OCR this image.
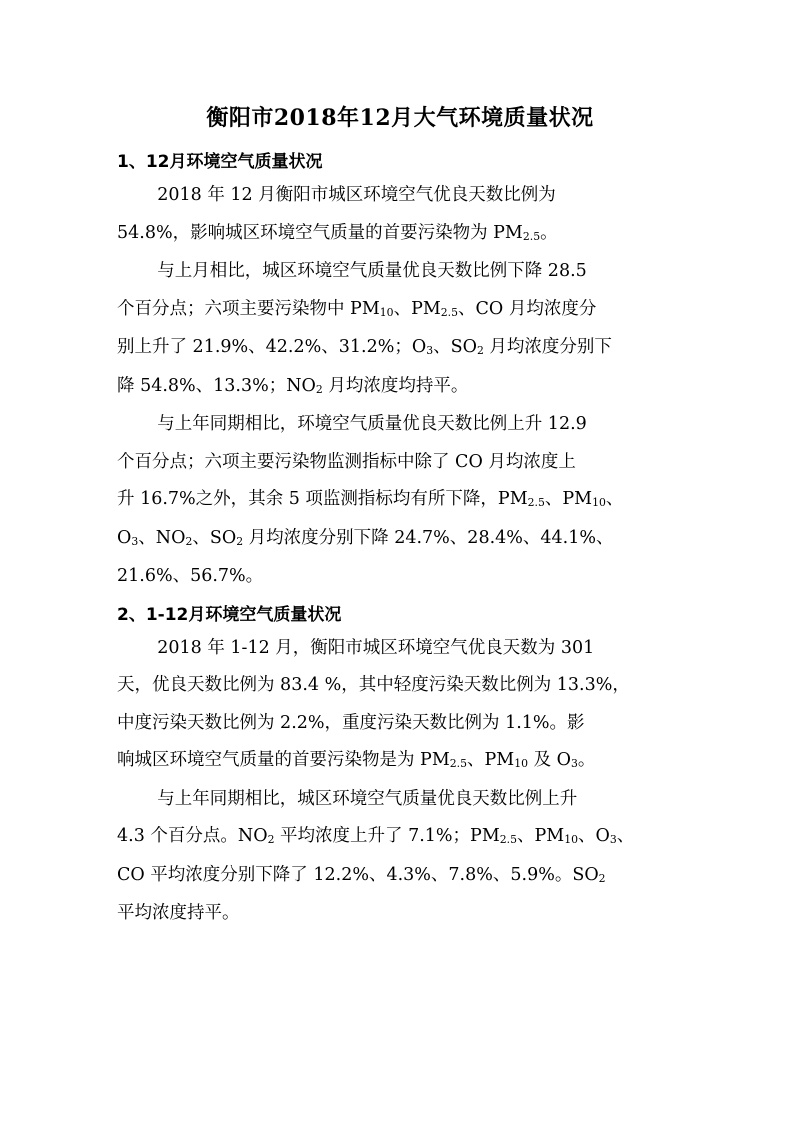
衡阳市2018年12月大气环境质量状况
1、12月环境空气质量状况

2018 年 12 月衡阳市城区环境空气优良天数比例为
54.8%，影响城区环境空气质量的首要污染物为 $PM_{2.5}$。

与上月相比，城区环境空气质量优良天数比例下降 28.5
个百分点；六项主要污染物中 $PM_{10}$、$PM_{2.5}$、CO 月均浓度分
别上升了 21.9%、42.2%、31.2%；$O_3$、$SO_2$ 月均浓度分别下
降 54.8%、13.3%；$NO_2$ 月均浓度均持平。

与上年同期相比，环境空气质量优良天数比例上升 12.9
个百分点；六项主要污染物监测指标中除了 CO 月均浓度上
升 16.7%之外，其余 5 项监测指标均有所下降，$PM_{2.5}$、$PM_{10}$、
$O_3$、$NO_2$、$SO_2$ 月均浓度分别下降 24.7%、28.4%、44.1%、
21.6%、56.7%。

2、1-12月环境空气质量状况

2018 年 1-12 月，衡阳市城区环境空气优良天数为 301
天，优良天数比例为 83.4 %，其中轻度污染天数比例为 13.3%，
中度污染天数比例为 2.2%，重度污染天数比例为 1.1%。影
响城区环境空气质量的首要污染物是为 $PM_{2.5}$、$PM_{10}$ 及 $O_3$。

与上年同期相比，城区环境空气质量优良天数比例上升
4.3 个百分点。$NO_2$ 平均浓度上升了 7.1%；$PM_{2.5}$、$PM_{10}$、$O_3$、
CO 平均浓度分别下降了 12.2%、4.3%、7.8%、5.9%。$SO_2$
平均浓度持平。
